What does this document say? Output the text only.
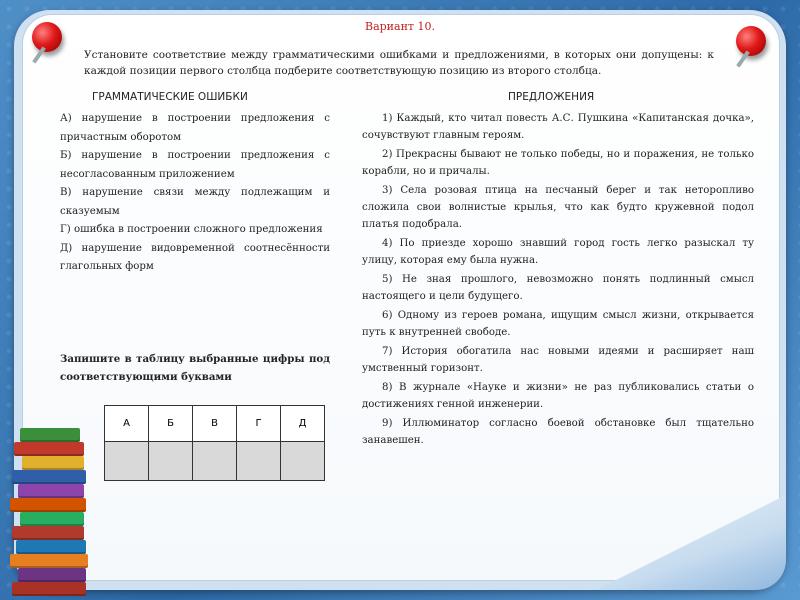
Вариант 10.
Установите соответствие между грамматическими ошибками и предложениями, в которых они допущены: к каждой позиции первого столбца подберите соответствующую позицию из второго столбца.
ГРАММАТИЧЕСКИЕ ОШИБКИ	ПРЕДЛОЖЕНИЯ

А) нарушение в построении предложения с причастным оборотом

Б) нарушение в построении предложения с несогласованным приложением

В) нарушение связи между подлежащим и сказуемым

Г) ошибка в построении сложного предложения

Д) нарушение видовременной соотнесённости глагольных форм

1) Каждый, кто читал повесть А.С. Пушкина «Капитанская дочка», сочувствуют главным героям.

2) Прекрасны бывают не только победы, но и поражения, не только корабли, но и причалы.

3) Села розовая птица на песчаный берег и так неторопливо сложила свои волнистые крылья, что как будто кружевной подол платья подобрала.

4) По приезде хорошо знавший город гость легко разыскал ту улицу, которая ему была нужна.

5) Не зная прошлого, невозможно понять подлинный смысл настоящего и цели будущего.

6) Одному из героев романа, ищущим смысл жизни, открывается путь к внутренней свободе.

7) История обогатила нас новыми идеями и расширяет наш умственный горизонт.

8) В журнале «Науке и жизни» не раз публиковались статьи о достижениях генной инженерии.

9) Иллюминатор согласно боевой обстановке был тщательно занавешен.

Запишите в таблицу выбранные цифры под соответствующими буквами
А	Б	В	Г	Д
